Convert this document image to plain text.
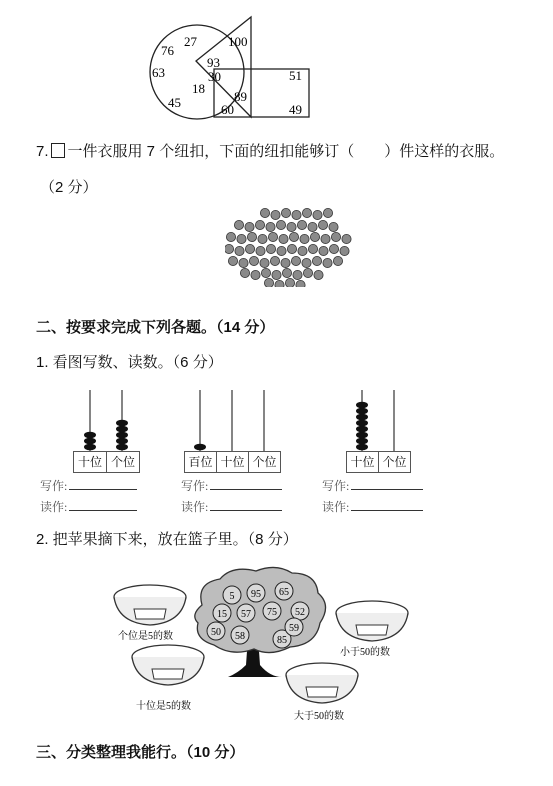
27
76
63
45
93
100
18
30
60
89
51
49
7. 一件衣服用 7 个纽扣，下面的纽扣能够订（　　）件这样的衣服。
（2 分）
二、按要求完成下列各题。（14 分）
1. 看图写数、读数。（6 分）
十位 个位	百位 十位 个位	十位 个位
写作:
读作:
写作:
读作:
写作:
读作:
2. 把苹果摘下来，放在篮子里。（8 分）
5 95 65
15 57 75 52
50 58	85
59
个位是5的数
小于50的数
十位是5的数
大于50的数
三、分类整理我能行。（10 分）
